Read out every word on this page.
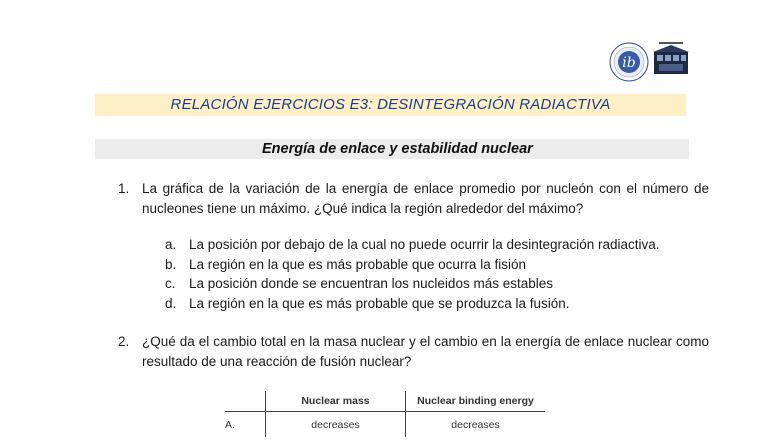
ib
RELACIÓN EJERCICIOS E3: DESINTEGRACIÓN RADIACTIVA
Energía de enlace y estabilidad nuclear
1. La gráfica de la variación de la energía de enlace promedio por nucleón con el número de nucleones tiene un máximo. ¿Qué indica la región alrededor del máximo?
a. La posición por debajo de la cual no puede ocurrir la desintegración radiactiva.
b. La región en la que es más probable que ocurra la fisión
c. La posición donde se encuentran los nucleidos más estables
d. La región en la que es más probable que se produzca la fusión.
2. ¿Qué da el cambio total en la masa nuclear y el cambio en la energía de enlace nuclear como resultado de una reacción de fusión nuclear?
	Nuclear mass	Nuclear binding energy
A.	decreases	decreases
